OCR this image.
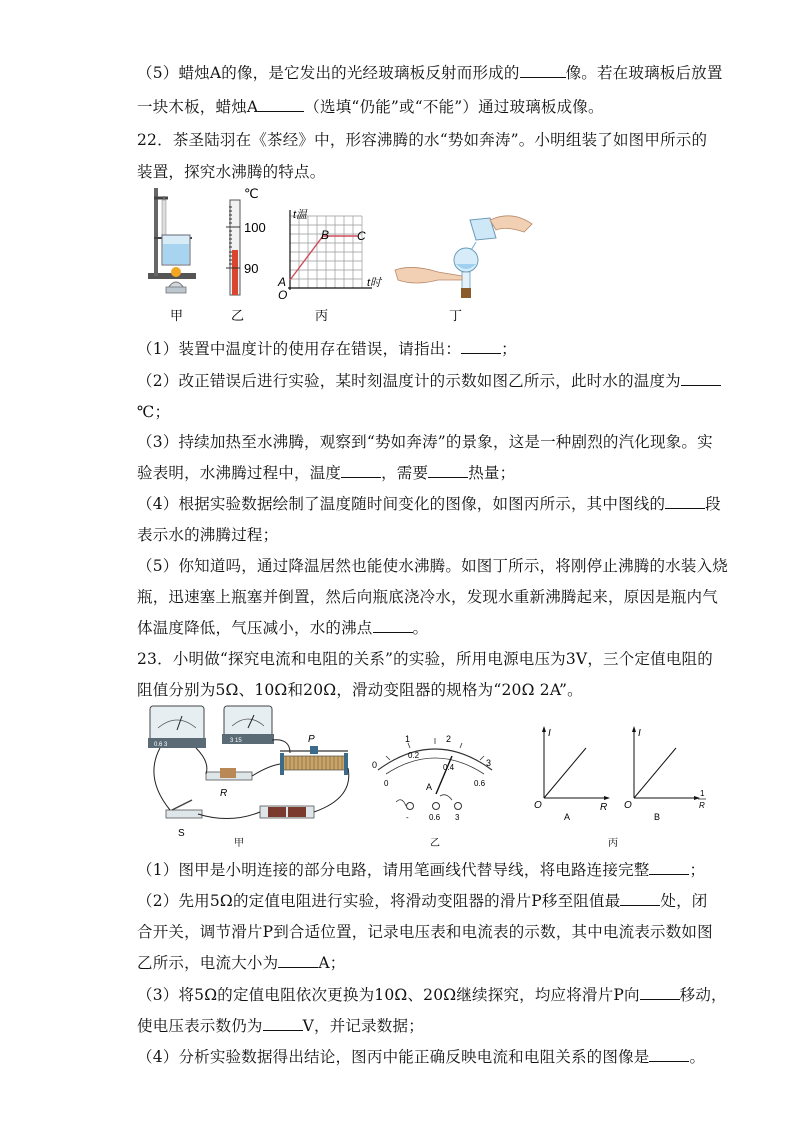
（5）蜡烛A的像，是它发出的光经玻璃板反射而形成的	像。若在玻璃板后放置
一块木板，蜡烛A	（选填“仍能”或“不能”）通过玻璃板成像。
22．茶圣陆羽在《茶经》中，形容沸腾的水“势如奔涛”。小明组装了如图甲所示的
装置，探究水沸腾的特点。
℃
100
90
t温
t时
A
B C
O
甲	乙	丙	丁
（1）装置中温度计的使用存在错误，请指出：	；
（2）改正错误后进行实验，某时刻温度计的示数如图乙所示，此时水的温度为
℃；
（3）持续加热至水沸腾，观察到“势如奔涛”的景象，这是一种剧烈的汽化现象。实
验表明，水沸腾过程中，温度	，需要	热量；
（4）根据实验数据绘制了温度随时间变化的图像，如图丙所示，其中图线的	段
表示水的沸腾过程；
（5）你知道吗，通过降温居然也能使水沸腾。如图丁所示，将刚停止沸腾的水装入烧
瓶，迅速塞上瓶塞并倒置，然后向瓶底浇冷水，发现水重新沸腾起来，原因是瓶内气
体温度降低，气压减小，水的沸点	。
23．小明做“探究电流和电阻的关系”的实验，所用电源电压为3V，三个定值电阻的
阻值分别为5Ω、10Ω和20Ω，滑动变阻器的规格为“20Ω 2A”。
0.6 3
3 15	P
R
S
0
1	2
3
0.2
0.4
0	0.6
A
-	0.6 3
I
O	R
A
I
O
1
R
B
甲	乙	丙
（1）图甲是小明连接的部分电路，请用笔画线代替导线，将电路连接完整	；
（2）先用5Ω的定值电阻进行实验，将滑动变阻器的滑片P移至阻值最	处，闭
合开关，调节滑片P到合适位置，记录电压表和电流表的示数，其中电流表示数如图
乙所示，电流大小为	A；
（3）将5Ω的定值电阻依次更换为10Ω、20Ω继续探究，均应将滑片P向	移动，
使电压表示数仍为	V，并记录数据；
（4）分析实验数据得出结论，图丙中能正确反映电流和电阻关系的图像是	。
